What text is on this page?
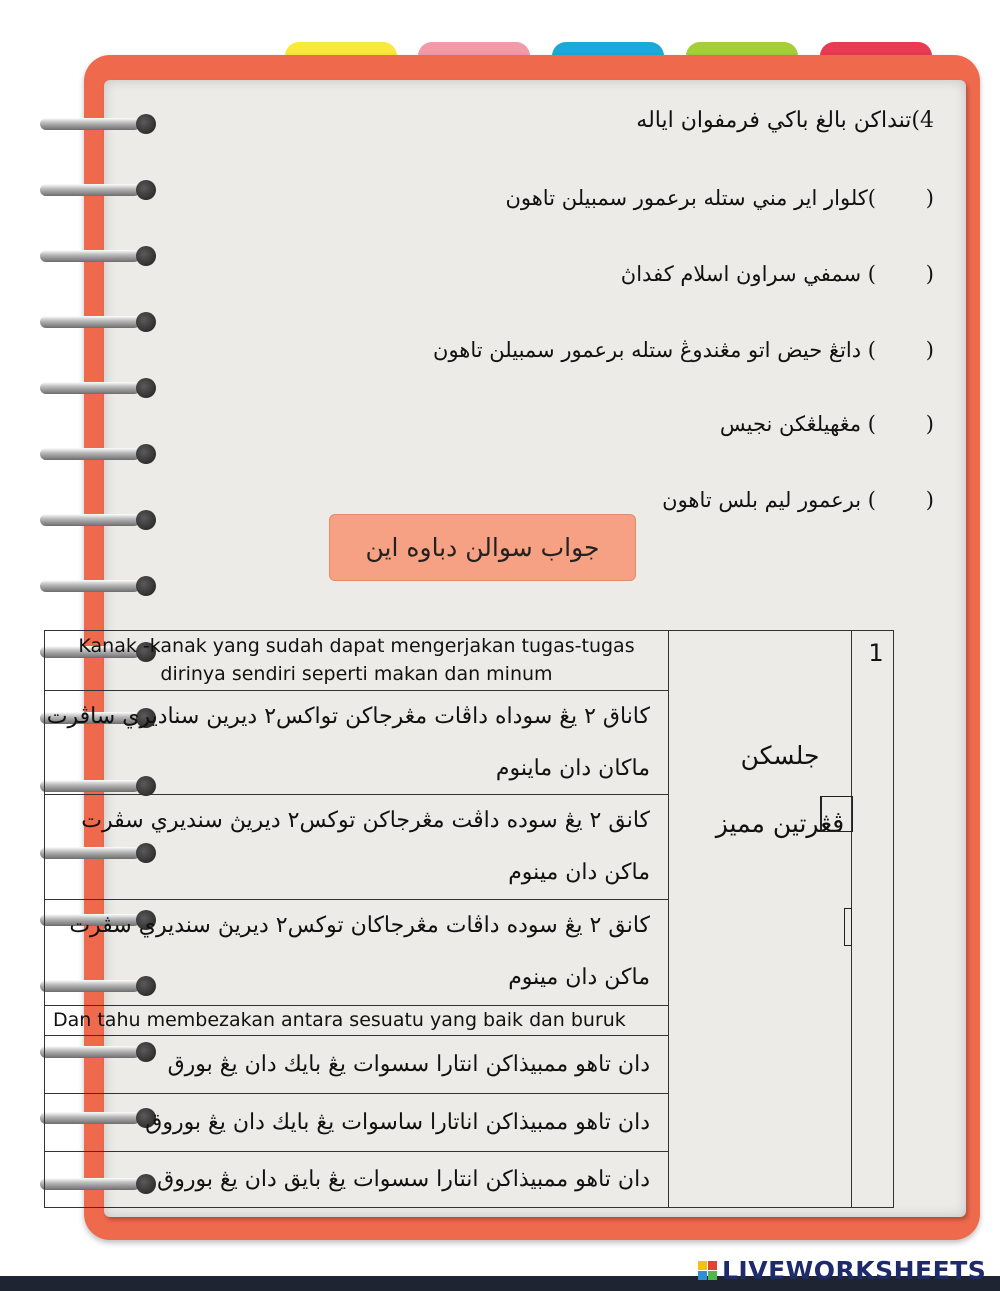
4)تنداکن بالغ باکي فرمفوان اياله
(
)کلوار اير مني ستله برعمور سمبيلن تاهون
(
) سمفي سراون اسلام کفداڽ
(
) داتڠ حيض اتو مڠندوڠ ستله برعمور سمبيلن تاهون
(
) مڠهيلڠکن نجيس
(
) برعمور ليم بلس تاهون
جواب سوالن دباوه اين
Kanak -kanak yang sudah dapat mengerjakan tugas-tugas dirinya sendiri seperti makan dan minum
کاناق ٢ يڠ سوداه داڤات مڠرجاکن تواکس٢ ديرين سناديري ساڤرت ماکان دان ماينوم
کانق ٢ يڠ سوده داڤت مڠرجاکن توکس٢ ديريڽ سنديري سڤرت ماکن دان مينوم
کانق ٢ يڠ سوده داڤات مڠرجاکان توکس٢ ديريڽ سنديري سڤرت ماکن دان مينوم
Dan tahu membezakan antara sesuatu yang baik dan buruk
دان تاهو ممبيذاکن انتارا سسوات يڠ بايك دان يڠ بورق
دان تاهو ممبيذاکن اناتارا ساسوات يڠ بايك دان يڠ بوروق
دان تاهو ممبيذاکن انتارا سسوات يڠ بايق دان يڠ بوروق
1
جلسکن
ڤڠرتين مميز
LIVEWORKSHEETS
